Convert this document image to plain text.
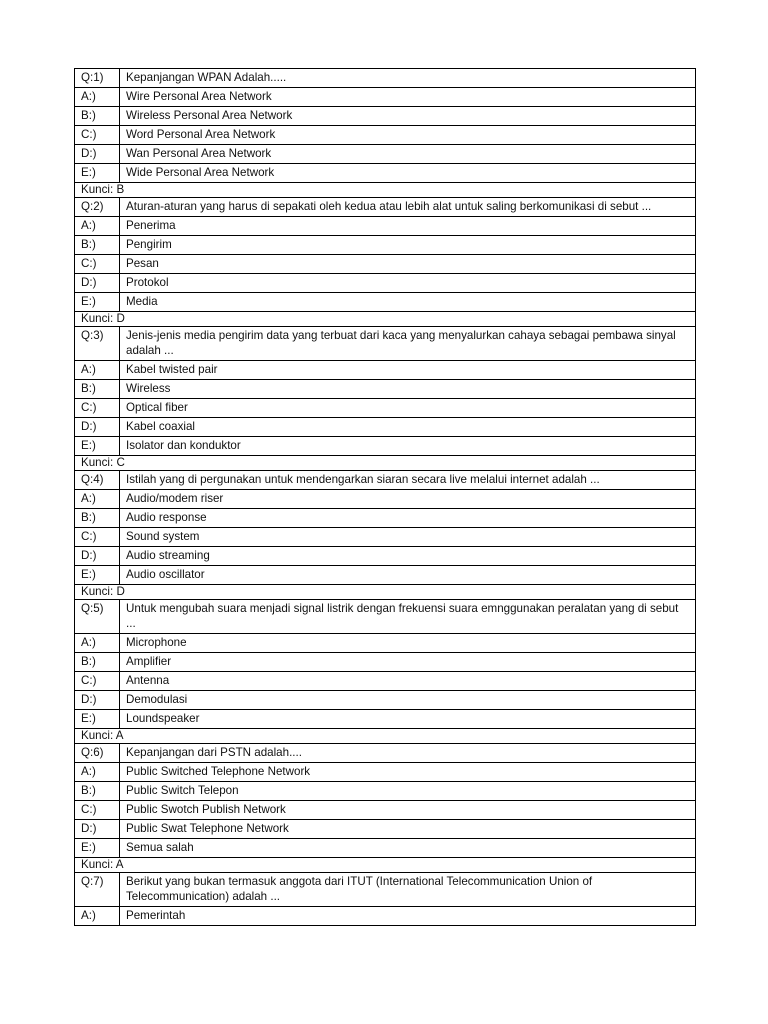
Q:1)	Kepanjangan WPAN Adalah.....
A:)	Wire Personal Area Network
B:)	Wireless Personal Area Network
C:)	Word Personal Area Network
D:)	Wan Personal Area Network
E:)	Wide Personal Area Network
Kunci: B	
Q:2)	Aturan-aturan yang harus di sepakati oleh kedua atau lebih alat untuk saling berkomunikasi di sebut ...
A:)	Penerima
B:)	Pengirim
C:)	Pesan
D:)	Protokol
E:)	Media
Kunci: D	
Q:3)	Jenis-jenis media pengirim data yang terbuat dari kaca yang menyalurkan cahaya sebagai pembawa sinyal adalah ...
A:)	Kabel twisted pair
B:)	Wireless
C:)	Optical fiber
D:)	Kabel coaxial
E:)	Isolator dan konduktor
Kunci: C	
Q:4)	Istilah yang di pergunakan untuk mendengarkan siaran secara live melalui internet adalah ...
A:)	Audio/modem riser
B:)	Audio response
C:)	Sound system
D:)	Audio streaming
E:)	Audio oscillator
Kunci: D	
Q:5)	Untuk mengubah suara menjadi signal listrik dengan frekuensi suara emnggunakan peralatan yang di sebut ...
A:)	Microphone
B:)	Amplifier
C:)	Antenna
D:)	Demodulasi
E:)	Loundspeaker
Kunci: A	
Q:6)	Kepanjangan dari PSTN adalah....
A:)	Public Switched Telephone Network
B:)	Public Switch Telepon
C:)	Public Swotch Publish Network
D:)	Public Swat Telephone Network
E:)	Semua salah
Kunci: A	
Q:7)	Berikut yang bukan termasuk anggota dari ITUT (International Telecommunication Union of Telecommunication) adalah ...
A:)	Pemerintah
